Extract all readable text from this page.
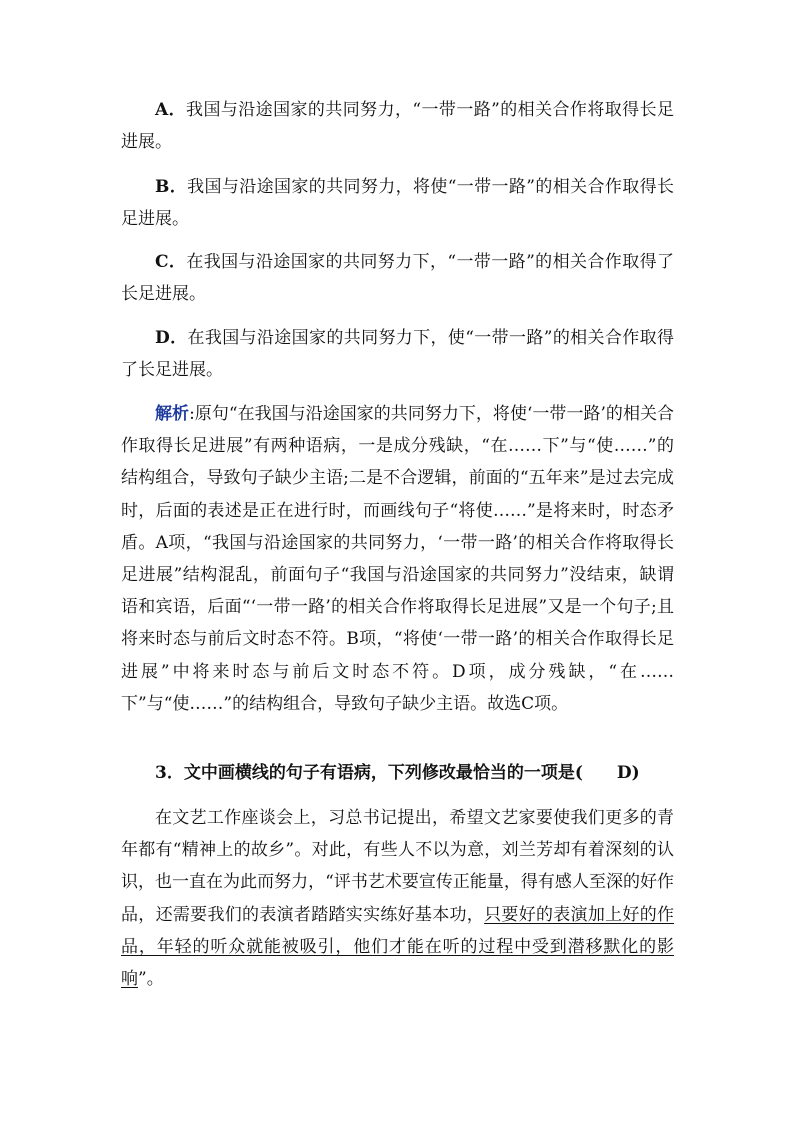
A．我国与沿途国家的共同努力，“一带一路”的相关合作将取得长足进展。

B．我国与沿途国家的共同努力，将使“一带一路”的相关合作取得长足进展。

C．在我国与沿途国家的共同努力下，“一带一路”的相关合作取得了长足进展。

D．在我国与沿途国家的共同努力下，使“一带一路”的相关合作取得了长足进展。

解析:原句“在我国与沿途国家的共同努力下，将使‘一带一路’的相关合作取得长足进展”有两种语病，一是成分残缺，“在……下”与“使……”的结构组合，导致句子缺少主语;二是不合逻辑，前面的“五年来”是过去完成时，后面的表述是正在进行时，而画线句子“将使……”是将来时，时态矛盾。A项，“我国与沿途国家的共同努力，‘一带一路’的相关合作将取得长足进展”结构混乱，前面句子“我国与沿途国家的共同努力”没结束，缺谓语和宾语，后面“‘一带一路’的相关合作将取得长足进展”又是一个句子;且将来时态与前后文时态不符。B项，“将使‘一带一路’的相关合作取得长足进展”中将来时态与前后文时态不符。D项，成分残缺，“在……下”与“使……”的结构组合，导致句子缺少主语。故选C项。

3．文中画横线的句子有语病，下列修改最恰当的一项是( D)

在文艺工作座谈会上，习总书记提出，希望文艺家要使我们更多的青年都有“精神上的故乡”。对此，有些人不以为意，刘兰芳却有着深刻的认识，也一直在为此而努力，“评书艺术要宣传正能量，得有感人至深的好作品，还需要我们的表演者踏踏实实练好基本功，只要好的表演加上好的作品，年轻的听众就能被吸引，他们才能在听的过程中受到潜移默化的影响”。
